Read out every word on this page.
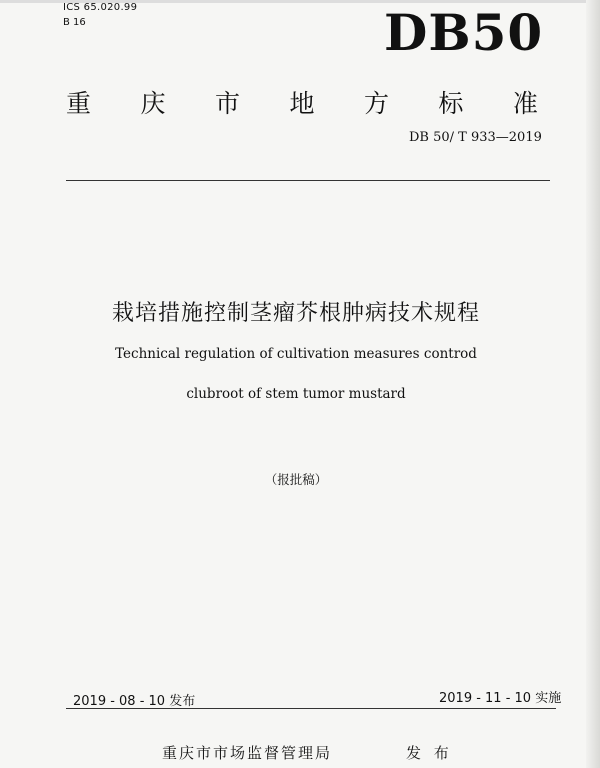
ICS 65.020.99
B 16	DB50
重 庆 市 地 方 标 准
DB 50/ T 933—2019
栽培措施控制茎瘤芥根肿病技术规程
Technical regulation of cultivation measures controd
clubroot of stem tumor mustard
（报批稿）
2019 - 08 - 10 发布	2019 - 11 - 10 实施
重庆市市场监督管理局	发 布
